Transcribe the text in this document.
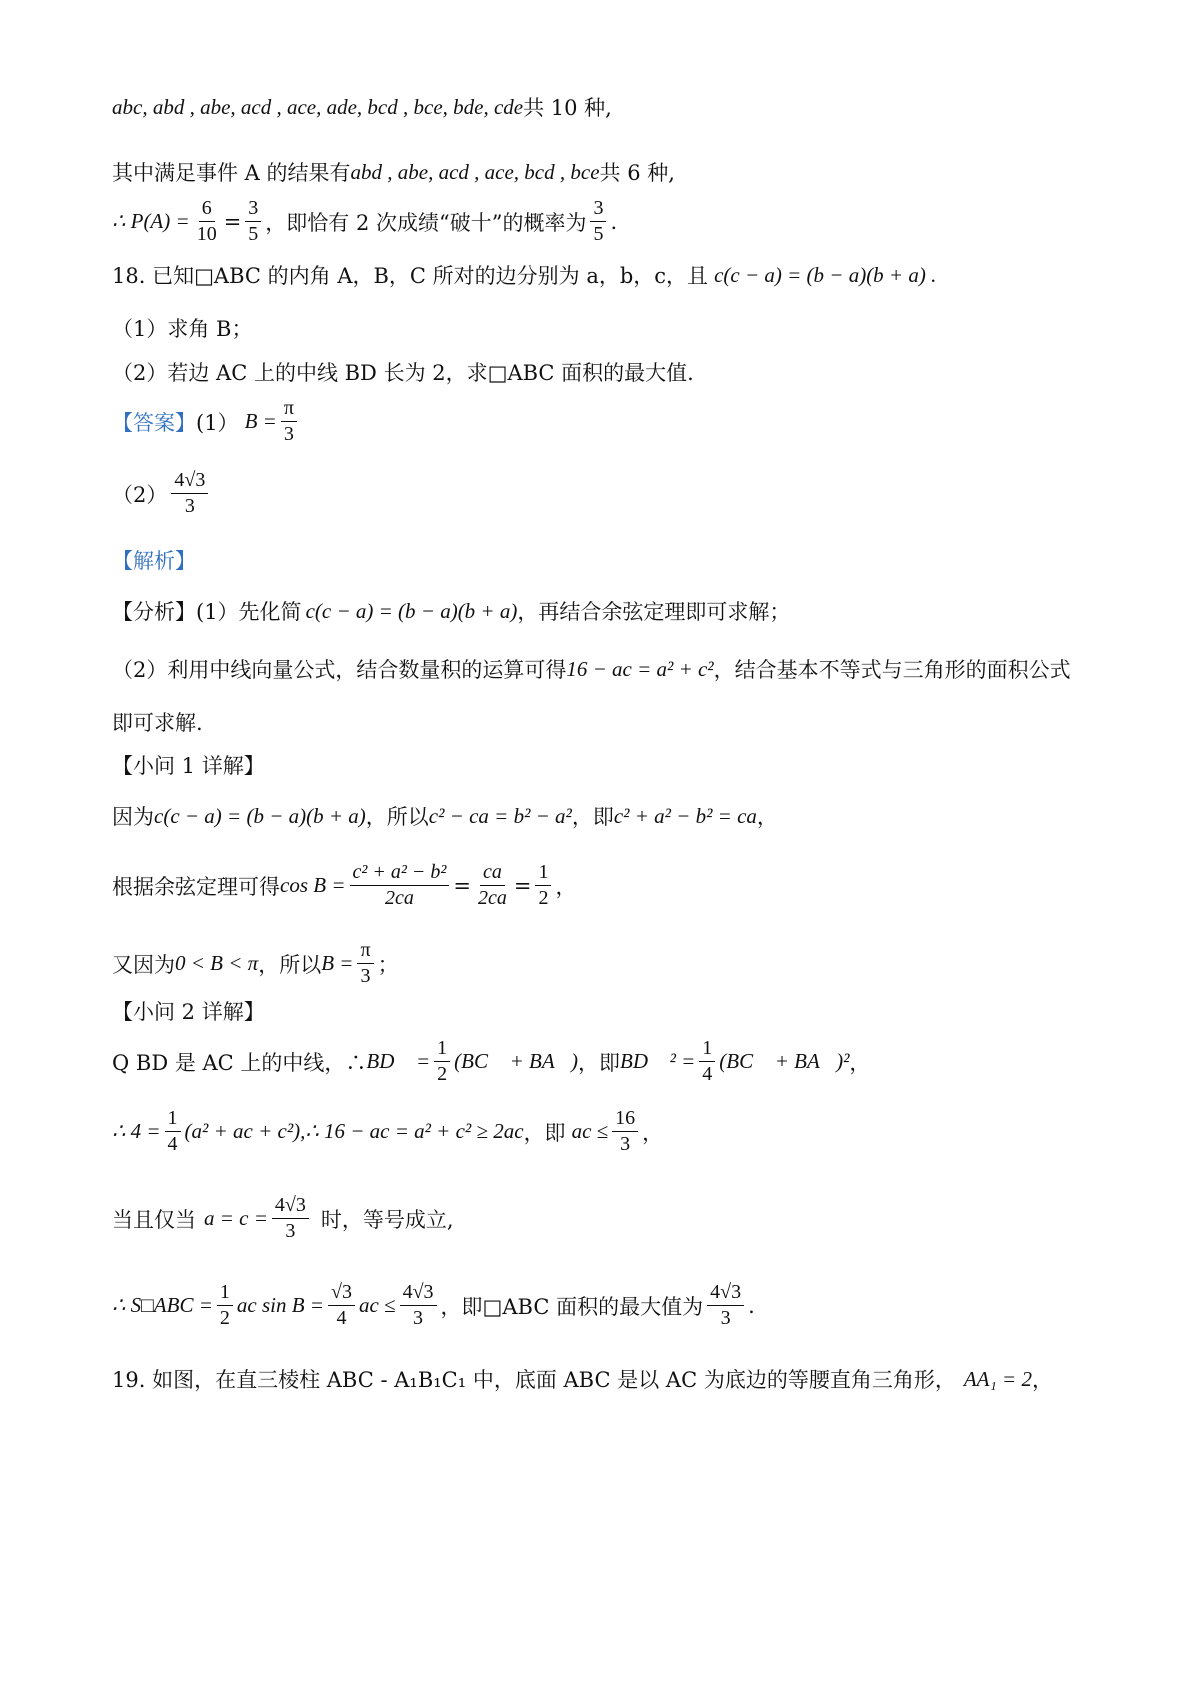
abc, abd , abe, acd , ace, ade, bcd , bce, bde, cde 共 10 种,
其中满足事件 A 的结果有 abd , abe, acd , ace, bcd , bce 共 6 种,
∴ $P(A) = \frac{6}{10} = \frac{3}{5}$ ，即恰有 2 次成绩“破十”的概率为 $\frac{3}{5}$ .
18. 已知□ABC 的内角 A，B，C 所对的边分别为 a，b，c，且 c(c − a) = (b − a)(b + a) .
（1）求角 B；
（2）若边 AC 上的中线 BD 长为 2，求□ABC 面积的最大值.
【答案】 (1） $B = \frac{\pi}{3}$
$(2) \frac{4√3}{3}$
【解析】
【分析】(1）先化简 c(c − a) = (b − a)(b + a) ，再结合余弦定理即可求解；
（2）利用中线向量公式，结合数量积的运算可得 16 − ac = a² + c² ，结合基本不等式与三角形的面积公式
即可求解.
【小问 1 详解】
因为 c(c − a) = (b − a)(b + a) ，所以 c² − ca = b² − a² ，即 c² + a² − b² = ca ，
根据余弦定理可得 $\cos B = \frac{\text{c² + a² − b²}}{2ca} = \frac{ca}{2ca} = \frac{1}{2}$ ，
又因为 0 < B < π ，所以 $B = \frac{\pi}{3}$ ；
【小问 2 详解】
Q BD 是 AC 上的中线，∴ BD⃗ = $\frac{1}{2}$ (BC⃗ + BA⃗) ，即 BD⃗ $^2 = \frac{1}{4}$ (BC⃗ + BA⃗)² ，
∴ $4 = \frac{1}{4} (a^2$ + ac + c²),∴ 16 − ac = a² + c² ≥ 2ac ，即 ac ≤ $\frac{16}{3}$ ，
当且仅当 $a = c = \frac{4√3}{3}$ 时，等号成立,
∴ S□ABC = $\frac{1}{2}$ ac $\sin B = \frac{√3}{4}$ ac ≤ $\frac{4√3}{3}$ ，即□ABC 面积的最大值为 $\frac{4√3}{3}$ .
19. 如图，在直三棱柱 ABC - A₁B₁C₁ 中，底面 ABC 是以 AC 为底边的等腰直角三角形， AA₁ = 2 ，
